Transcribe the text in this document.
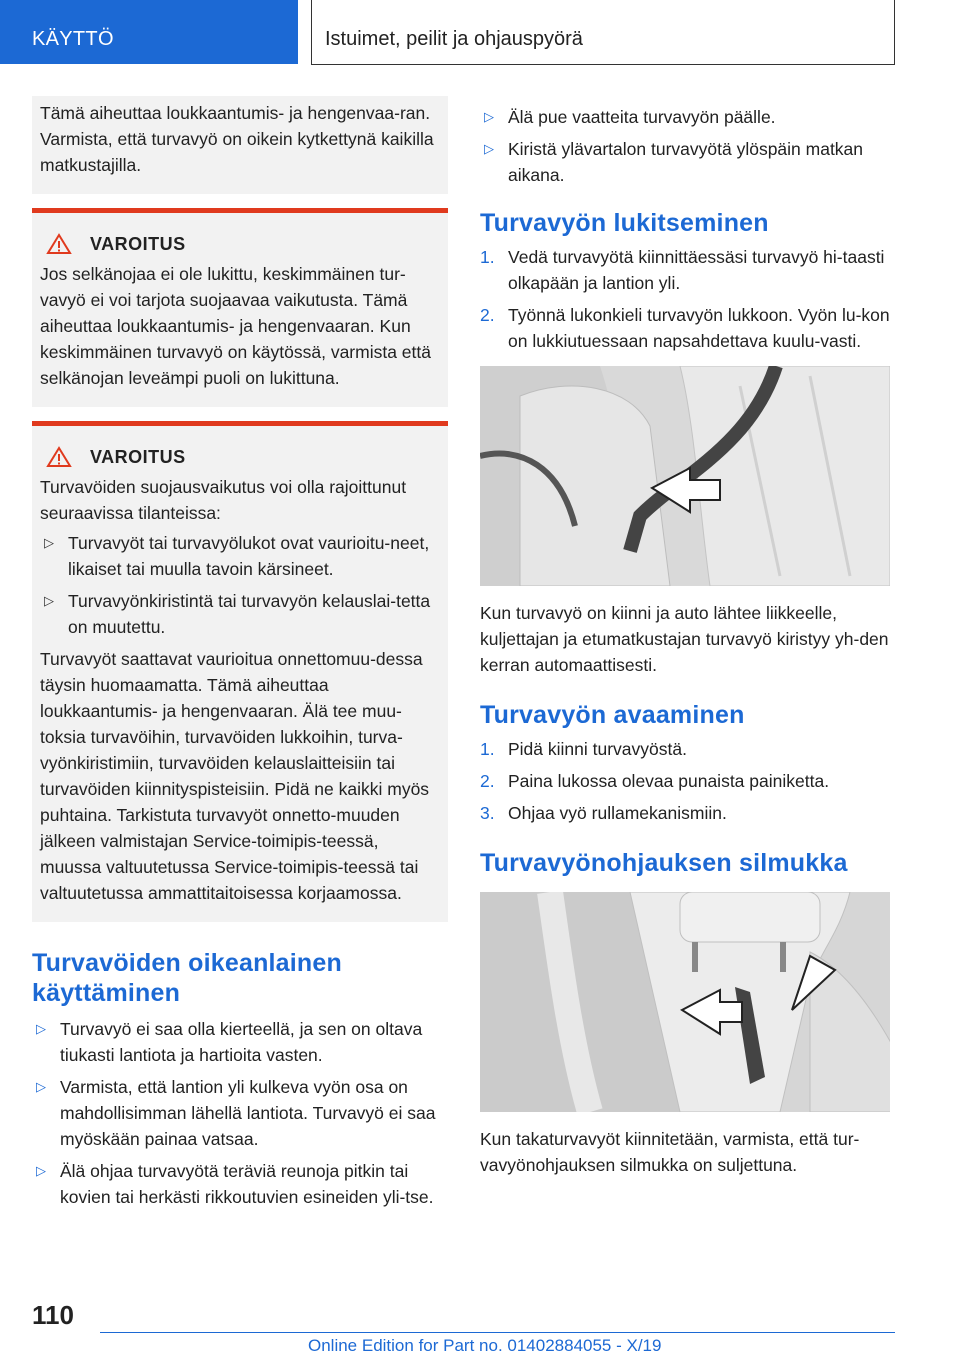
KÄYTTÖ	Istuimet, peilit ja ohjauspyörä

Tämä aiheuttaa loukkaantumis- ja hengenvaa-ran. Varmista, että turvavyö on oikein kytkettynä kaikilla matkustajilla.

VAROITUS

Jos selkänojaa ei ole lukittu, keskimmäinen tur-vavyö ei voi tarjota suojaavaa vaikutusta. Tämä aiheuttaa loukkaantumis- ja hengenvaaran. Kun keskimmäinen turvavyö on käytössä, varmista että selkänojan leveämpi puoli on lukittuna.

VAROITUS

Turvavöiden suojausvaikutus voi olla rajoittunut seuraavissa tilanteissa:

▷ Turvavyöt tai turvavyölukot ovat vaurioitu-neet, likaiset tai muulla tavoin kärsineet.
▷ Turvavyönkiristintä tai turvavyön kelauslai-tetta on muutettu.

Turvavyöt saattavat vaurioitua onnettomuu-dessa täysin huomaamatta. Tämä aiheuttaa loukkaantumis- ja hengenvaaran. Älä tee muu-toksia turvavöihin, turvavöiden lukkoihin, turva-vyönkiristimiin, turvavöiden kelauslaitteisiin tai turvavöiden kiinnityspisteisiin. Pidä ne kaikki myös puhtaina. Tarkistuta turvavyöt onnetto-muuden jälkeen valmistajan Service-toimipis-teessä, muussa valtuutetussa Service-toimipis-teessä tai valtuutetussa ammattitaitoisessa korjaamossa.

Turvavöiden oikeanlainen käyttäminen
▷ Turvavyö ei saa olla kierteellä, ja sen on oltava tiukasti lantiota ja hartioita vasten.
▷ Varmista, että lantion yli kulkeva vyön osa on mahdollisimman lähellä lantiota. Turvavyö ei saa myöskään painaa vatsaa.
▷ Älä ohjaa turvavyötä teräviä reunoja pitkin tai kovien tai herkästi rikkoutuvien esineiden yli-tse.
▷ Älä pue vaatteita turvavyön päälle.
▷ Kiristä ylävartalon turvavyötä ylöspäin matkan aikana.
Turvavyön lukitseminen
1. Vedä turvavyötä kiinnittäessäsi turvavyö hi-taasti olkapään ja lantion yli.
2. Työnnä lukonkieli turvavyön lukkoon. Vyön lu-kon on lukkiutuessaan napsahdettava kuulu-vasti.

Kun turvavyö on kiinni ja auto lähtee liikkeelle, kuljettajan ja etumatkustajan turvavyö kiristyy yh-den kerran automaattisesti.

Turvavyön avaaminen
1. Pidä kiinni turvavyöstä.
2. Paina lukossa olevaa punaista painiketta.
3. Ohjaa vyö rullamekanismiin.
Turvavyönohjauksen silmukka

Kun takaturvavyöt kiinnitetään, varmista, että tur-vavyönohjauksen silmukka on suljettuna.

110
Online Edition for Part no. 01402884055 - X/19
